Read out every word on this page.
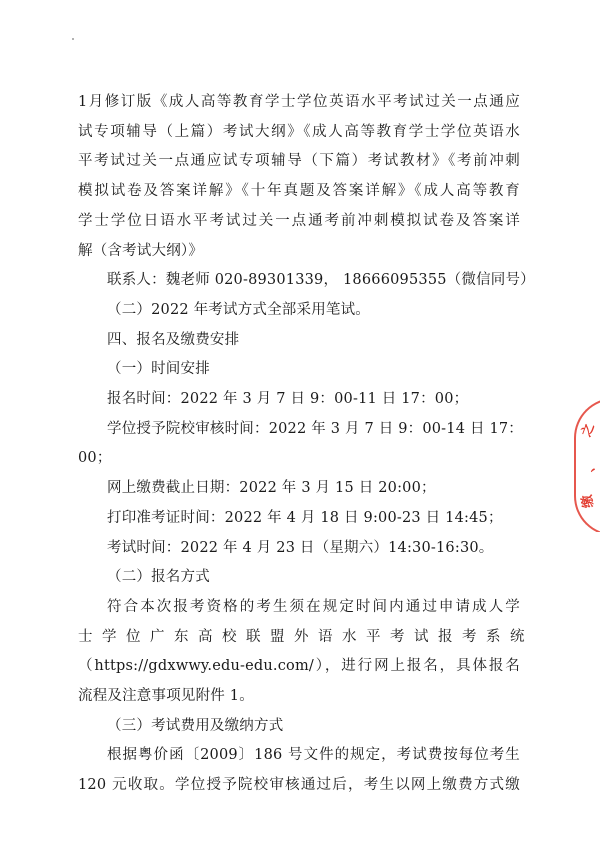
1月修订版《成人高等教育学士学位英语水平考试过关一点通应
试专项辅导（上篇）考试大纲》《成人高等教育学士学位英语水
平考试过关一点通应试专项辅导（下篇）考试教材》《考前冲刺
模拟试卷及答案详解》《十年真题及答案详解》《成人高等教育
学士学位日语水平考试过关一点通考前冲刺模拟试卷及答案详
解（含考试大纲）》
联系人：魏老师 020-89301339， 18666095355（微信同号）
（二）2022 年考试方式全部采用笔试。
四、报名及缴费安排
（一）时间安排
报名时间：2022 年 3 月 7 日 9：00-11 日 17：00；
学位授予院校审核时间：2022 年 3 月 7 日 9：00-14 日 17：
00；
网上缴费截止日期：2022 年 3 月 15 日 20:00；
打印准考证时间：2022 年 4 月 18 日 9:00-23 日 14:45；
考试时间：2022 年 4 月 23 日（星期六）14:30-16:30。
（二）报名方式
符合本次报考资格的考生须在规定时间内通过申请成人学
士学位广东高校联盟外语水平考试报考系统
（https://gdxwwy.edu-edu.com/），进行网上报名，具体报名
流程及注意事项见附件 1。
（三）考试费用及缴纳方式
根据粤价函〔2009〕186 号文件的规定，考试费按每位考生
120 元收取。学位授予院校审核通过后，考生以网上缴费方式缴
之
、
缴
